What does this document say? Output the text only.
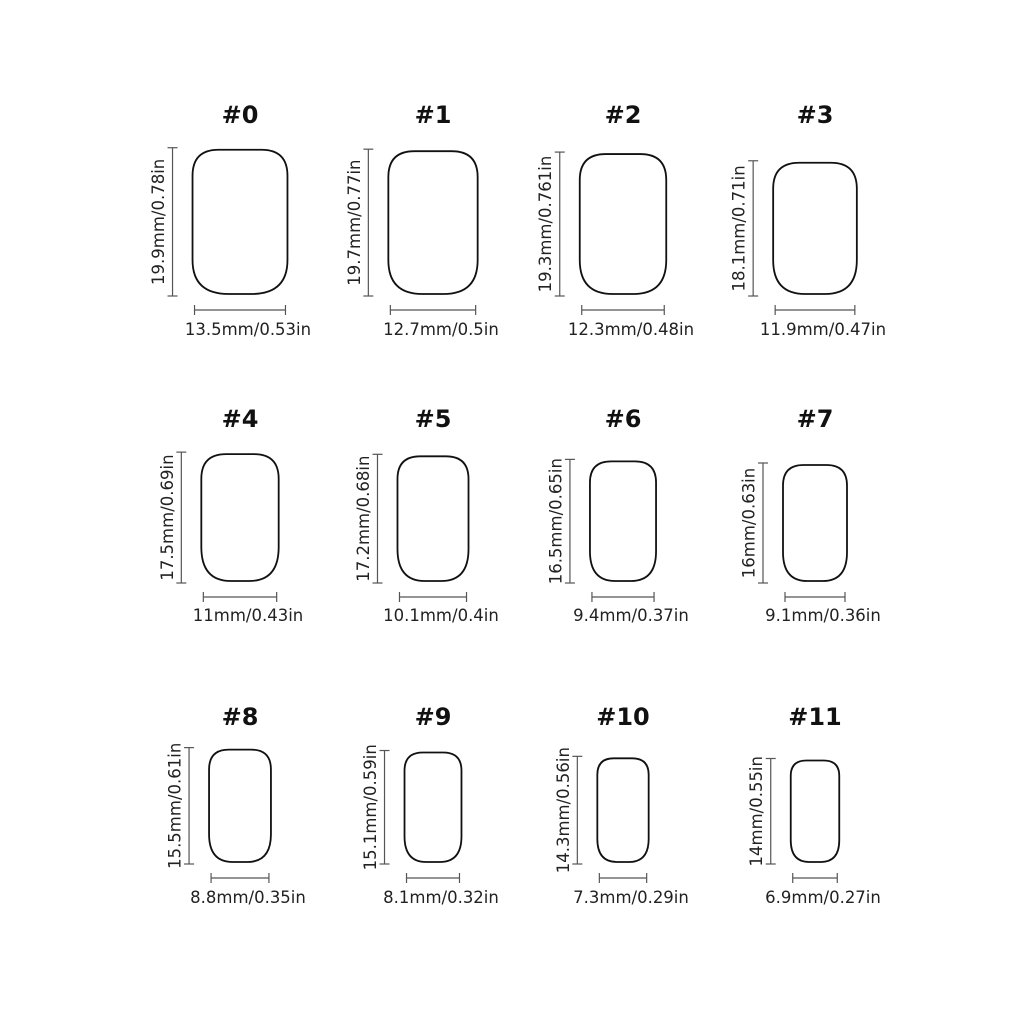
#0
19.9mm/0.78in
13.5mm/0.53in
#1
19.7mm/0.77in
12.7mm/0.5in
#2
19.3mm/0.761in
12.3mm/0.48in
#3
18.1mm/0.71in
11.9mm/0.47in
#4
17.5mm/0.69in
11mm/0.43in
#5
17.2mm/0.68in
10.1mm/0.4in
#6
16.5mm/0.65in
9.4mm/0.37in
#7
16mm/0.63in
9.1mm/0.36in
#8
15.5mm/0.61in
8.8mm/0.35in
#9
15.1mm/0.59in
8.1mm/0.32in
#10
14.3mm/0.56in
7.3mm/0.29in
#11
14mm/0.55in
6.9mm/0.27in
